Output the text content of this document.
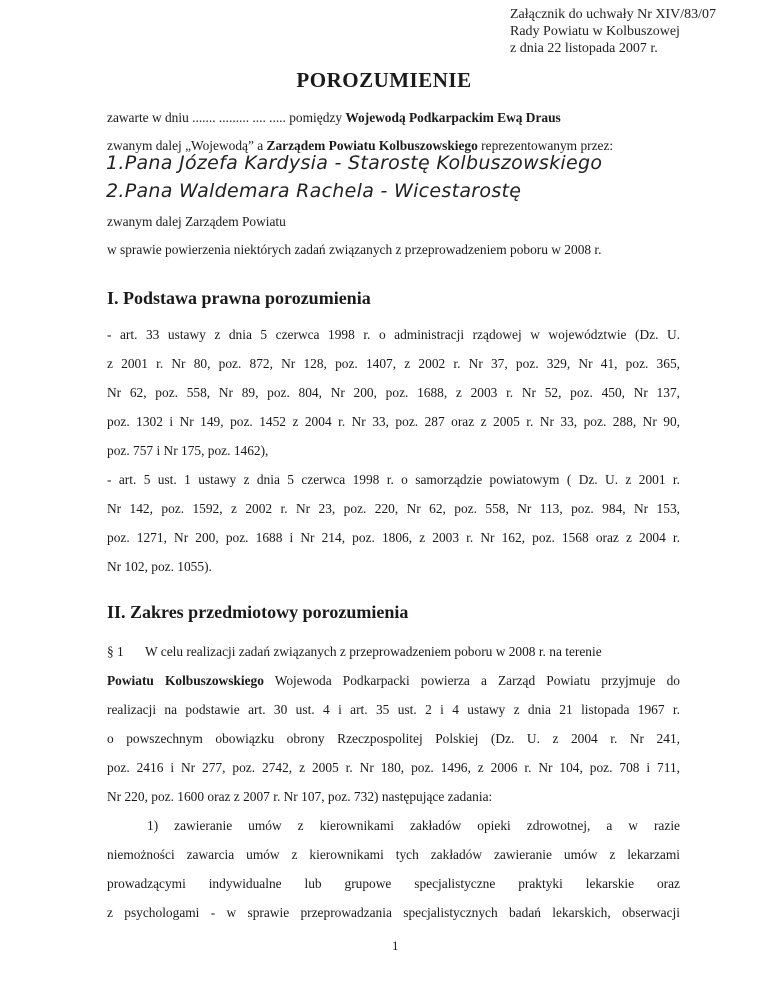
Załącznik do uchwały Nr XIV/83/07
Rady Powiatu w Kolbuszowej
z dnia 22 listopada 2007 r.
POROZUMIENIE
zawarte w dniu ....... ......... .... ..... pomiędzy Wojewodą Podkarpackim Ewą Draus
zwanym dalej „Wojewodą” a Zarządem Powiatu Kolbuszowskiego reprezentowanym przez:
1.Pana Józefa Kardysia - Starostę Kolbuszowskiego
2.Pana Waldemara Rachela - Wicestarostę
zwanym dalej Zarządem Powiatu
w sprawie powierzenia niektórych zadań związanych z przeprowadzeniem poboru w 2008 r.
I. Podstawa prawna porozumienia
- art. 33 ustawy z dnia 5 czerwca 1998 r. o administracji rządowej w województwie (Dz. U.
z 2001 r. Nr 80, poz. 872, Nr 128, poz. 1407, z 2002 r. Nr 37, poz. 329, Nr 41, poz. 365,
Nr 62, poz. 558, Nr 89, poz. 804, Nr 200, poz. 1688, z 2003 r. Nr 52, poz. 450, Nr 137,
poz. 1302 i Nr 149, poz. 1452 z 2004 r. Nr 33, poz. 287 oraz z 2005 r. Nr 33, poz. 288, Nr 90,
poz. 757 i Nr 175, poz. 1462),
- art. 5 ust. 1 ustawy z dnia 5 czerwca 1998 r. o samorządzie powiatowym ( Dz. U. z 2001 r.
Nr 142, poz. 1592, z 2002 r. Nr 23, poz. 220, Nr 62, poz. 558, Nr 113, poz. 984, Nr 153,
poz. 1271, Nr 200, poz. 1688 i Nr 214, poz. 1806, z 2003 r. Nr 162, poz. 1568 oraz z 2004 r.
Nr 102, poz. 1055).
II. Zakres przedmiotowy porozumienia
§ 1 W celu realizacji zadań związanych z przeprowadzeniem poboru w 2008 r. na terenie
Powiatu Kolbuszowskiego Wojewoda Podkarpacki powierza a Zarząd Powiatu przyjmuje do
realizacji na podstawie art. 30 ust. 4 i art. 35 ust. 2 i 4 ustawy z dnia 21 listopada 1967 r.
o powszechnym obowiązku obrony Rzeczpospolitej Polskiej (Dz. U. z 2004 r. Nr 241,
poz. 2416 i Nr 277, poz. 2742, z 2005 r. Nr 180, poz. 1496, z 2006 r. Nr 104, poz. 708 i 711,
Nr 220, poz. 1600 oraz z 2007 r. Nr 107, poz. 732) następujące zadania:
1) zawieranie umów z kierownikami zakładów opieki zdrowotnej, a w razie
niemożności zawarcia umów z kierownikami tych zakładów zawieranie umów z lekarzami
prowadzącymi indywidualne lub grupowe specjalistyczne praktyki lekarskie oraz
z psychologami - w sprawie przeprowadzania specjalistycznych badań lekarskich, obserwacji
1
